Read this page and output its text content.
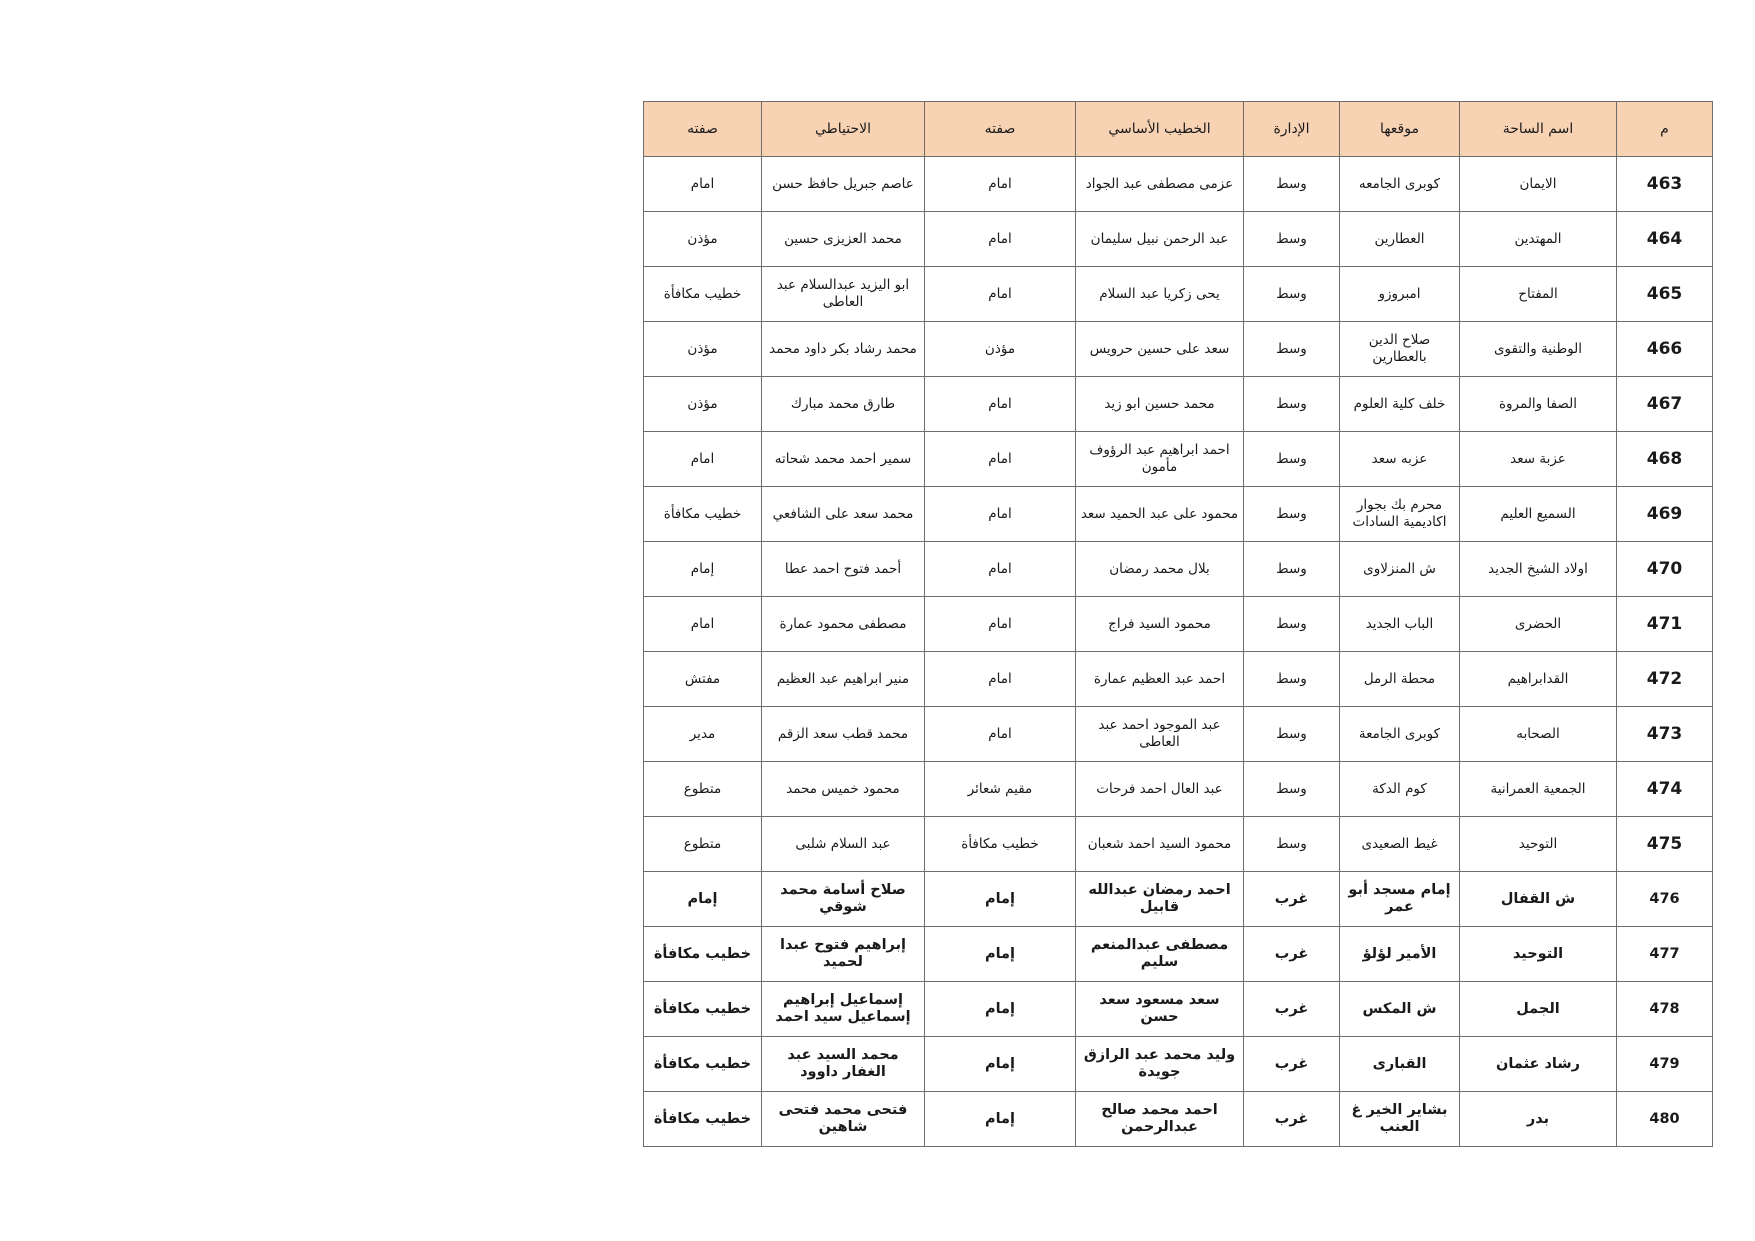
م	اسم الساحة	موقعها	الإدارة	الخطيب الأساسي	صفته	الاحتياطي	صفته
463	الايمان	كوبرى الجامعه	وسط	عزمى مصطفى عبد الجواد	امام	عاصم جبريل حافظ حسن	امام
464	المهتدين	العطارين	وسط	عبد الرحمن نبيل سليمان	امام	محمد العزيزى حسين	مؤذن
465	المفتاح	امبروزو	وسط	يحى زكريا عبد السلام	امام	ابو اليزيد عبدالسلام عبد العاطى	خطيب مكافأة
466	الوطنية والتقوى	صلاح الدين بالعطارين	وسط	سعد على حسين حرويس	مؤذن	محمد رشاد بكر داود محمد	مؤذن
467	الصفا والمروة	خلف كلية العلوم	وسط	محمد حسين ابو زيد	امام	طارق محمد مبارك	مؤذن
468	عزبة سعد	عزبه سعد	وسط	احمد ابراهيم عبد الرؤوف مأمون	امام	سمير احمد محمد شحاته	امام
469	السميع العليم	محرم بك بجوار اكاديمية السادات	وسط	محمود على عبد الحميد سعد	امام	محمد سعد على الشافعي	خطيب مكافأة
470	اولاد الشيخ الجديد	ش المنزلاوى	وسط	بلال محمد رمضان	امام	أحمد فتوح احمد عطا	إمام
471	الحضرى	الباب الجديد	وسط	محمود السيد فراج	امام	مصطفى محمود عمارة	امام
472	القدابراهيم	محطة الرمل	وسط	احمد عبد العظيم عمارة	امام	منير ابراهيم عبد العظيم	مفتش
473	الصحابه	كوبرى الجامعة	وسط	عبد الموجود احمد عبد العاطى	امام	محمد قطب سعد الزقم	مدير
474	الجمعية العمرانية	كوم الدكة	وسط	عبد العال احمد فرحات	مقيم شعائر	محمود خميس محمد	متطوع
475	التوحيد	غيط الصعيدى	وسط	محمود السيد احمد شعبان	خطيب مكافأة	عبد السلام شلبى	متطوع
476	ش القفال	إمام مسجد أبو عمر	غرب	احمد رمضان عبدالله قابيل	إمام	صلاح أسامة محمد شوقي	إمام
477	التوحيد	الأمير لؤلؤ	غرب	مصطفى عبدالمنعم سليم	إمام	إبراهيم فتوح عبدا لحميد	خطيب مكافأة
478	الجمل	ش المكس	غرب	سعد مسعود سعد حسن	إمام	إسماعيل إبراهيم إسماعيل سيد احمد	خطيب مكافأة
479	رشاد عثمان	القبارى	غرب	وليد محمد عبد الرازق جويدة	إمام	محمد السيد عبد الغفار داوود	خطيب مكافأة
480	بدر	بشاير الخير غ العنب	غرب	احمد محمد صالح عبدالرحمن	إمام	فتحى محمد فتحى شاهين	خطيب مكافأة
